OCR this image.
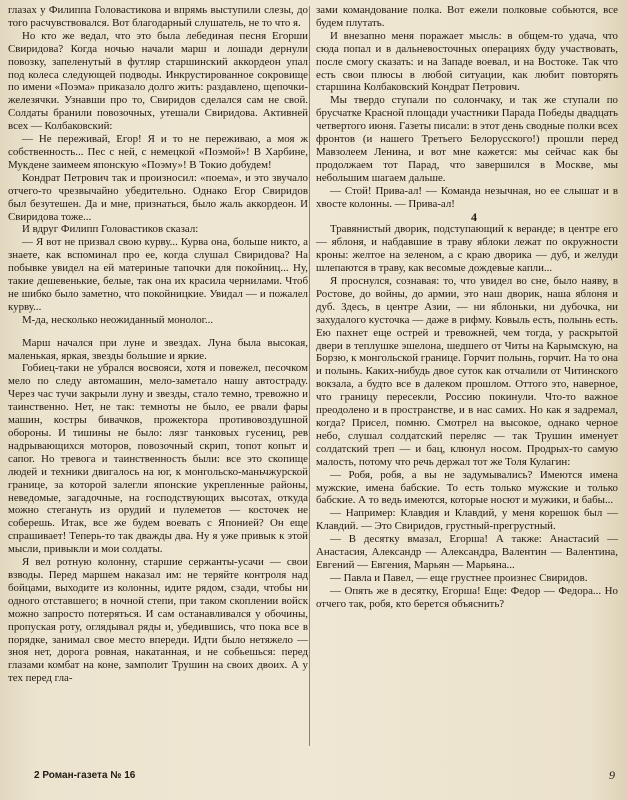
глазах у Филиппа Головастикова и впрямь выступили слезы, до того расчувствовался. Вот благодарный слушатель, не то что я.

Но кто же ведал, что это была лебединая песня Егорши Свиридова? Когда ночью начали марш и лошади дернули повозку, запеленутый в футляр старшинский аккордеон упал под колеса следующей подводы. Инкрустированное сокровище по имени «Поэма» приказало долго жить: раздавлено, щепочки-железячки. Узнавши про то, Свиридов сделался сам не свой. Солдаты бранили повозочных, утешали Свиридова. Активней всех — Колбаковский:

— Не переживай, Егор! Я и то не переживаю, а моя ж собственность... Пес с ней, с немецкой «Поэмой»! В Харбине, Мукдене заимеем японскую «Поэму»! В Токио добудем!

Кондрат Петрович так и произносил: «поема», и это звучало отчего-то чрезвычайно убедительно. Однако Егор Свиридов был безутешен. Да и мне, признаться, было жаль аккордеон. И Свиридова тоже...

И вдруг Филипп Головастиков сказал:

— Я вот не призвал свою курву... Курва она, больше никто, а знаете, как вспоминал про ее, когда слушал Свиридова? На побывке увидел на ей материные тапочки для покойниц... Ну, такие дешевенькие, белые, так она их красила чернилами. Чтоб не шибко было заметно, что покойницкие. Увидал — и пожалел курву...

М-да, несколько неожиданный монолог...

Марш начался при луне и звездах. Луна была высокая, маленькая, яркая, звезды большие и яркие.

Гобиец-таки не убрался восвояси, хотя и повежел, песочком мело по следу автомашин, мело-заметало нашу автостраду. Через час тучи закрыли луну и звезды, стало темно, тревожно и таинственно. Нет, не так: темноты не было, ее рвали фары машин, костры бивачков, прожектора противовоздушной обороны. И тишины не было: лязг танковых гусениц, рев надрывающихся моторов, повозочный скрип, топот копыт и сапог. Но тревога и таинственность были: все это скопище людей и техники двигалось на юг, к монгольско-маньчжурской границе, за которой залегли японские укрепленные районы, неведомые, загадочные, на господствующих высотах, откуда можно стегануть из орудий и пулеметов — косточек не соберешь. Итак, все же будем воевать с Японией? Он еще спрашивает! Теперь-то так дважды два. Ну я уже привык к этой мысли, привыкли и мои солдаты.

Я вел ротную колонну, старшие сержанты-усачи — свои взводы. Перед маршем наказал им: не теряйте контроля над бойцами, выходите из колонны, идите рядом, сзади, чтобы ни одного отставшего; в ночной степи, при таком скоплении войск можно запросто потеряться. И сам останавливался у обочины, пропуская роту, оглядывал ряды и, убедившись, что пока все в порядке, занимал свое место впереди. Идти было нетяжело — зноя нет, дорога ровная, накатанная, и не собьешься: перед глазами комбат на коне, замполит Трушин на своих двоих. А у тех перед гла-

зами командование полка. Вот ежели полковые собьются, все будем плутать.

И внезапно меня поражает мысль: в общем-то удача, что сюда попал и в дальневосточных операциях буду участвовать, после смогу сказать: и на Западе воевал, и на Востоке. Так что есть свои плюсы в любой ситуации, как любит повторять старшина Колбаковский Кондрат Петрович.

Мы твердо ступали по солончаку, и так же ступали по брусчатке Красной площади участники Парада Победы двадцать четвертого июня. Газеты писали: в этот день сводные полки всех фронтов (и нашего Третьего Белорусского!) прошли перед Мавзолеем Ленина, и вот мне кажется: мы сейчас как бы продолжаем тот Парад, что завершился в Москве, мы небольшим шагаем дальше.

— Стой! Прива-ал! — Команда незычная, но ее слышат и в хвосте колонны. — Прива-ал!

4

Травянистый дворик, подступающий к веранде; в центре его — яблоня, и набдавшие в траву яблоки лежат по окружности кроны: желтое на зеленом, а с краю дворика — дуб, и желуди шлепаются в траву, как весомые дождевые капли...

Я проснулся, сознавая: то, что увидел во сне, было наяву, в Ростове, до войны, до армии, это наш дворик, наша яблоня и дуб. Здесь, в центре Азии, — ни яблоньки, ни дубочка, ни захудалого кусточка — даже в рифму. Ковыль есть, полынь есть. Ею пахнет еще острей и тревожней, чем тогда, у раскрытой двери в теплушке эшелона, шедшего от Читы на Карымскую, на Борзю, к монгольской границе. Горчит полынь, горчит. На то она и полынь. Каких-нибудь двое суток как отчалили от Читинского вокзала, а будто все в далеком прошлом. Оттого это, наверное, что границу пересекли, Россию покинули. Что-то важное преодолено и в пространстве, и в нас самих. Но как я задремал, когда? Присел, помню. Смотрел на высокое, однако черное небо, слушал солдатский переляс — так Трушин именует солдатский треп — и бац, клюнул носом. Продрых-то самую малость, потому что речь держал тот же Толя Кулагин:

— Робя, робя, а вы не задумывались? Имеются имена мужские, имена бабские. То есть только мужские и только бабские. А то ведь имеются, которые носют и мужики, и бабы...

— Например: Клавдия и Клавдий, у меня корешок был — Клавдий. — Это Свиридов, грустный-прегрустный.

— В десятку вмазал, Егорша! А также: Анастасий — Анастасия, Александр — Александра, Валентин — Валентина, Евгений — Евгения, Марьян — Марьяна...

— Павла и Павел, — еще грустнее произнес Свиридов.

— Опять же в десятку, Егорша! Еще: Федор — Федора... Но отчего так, робя, кто берется объяснить?

2 Роман-газета № 16	9
